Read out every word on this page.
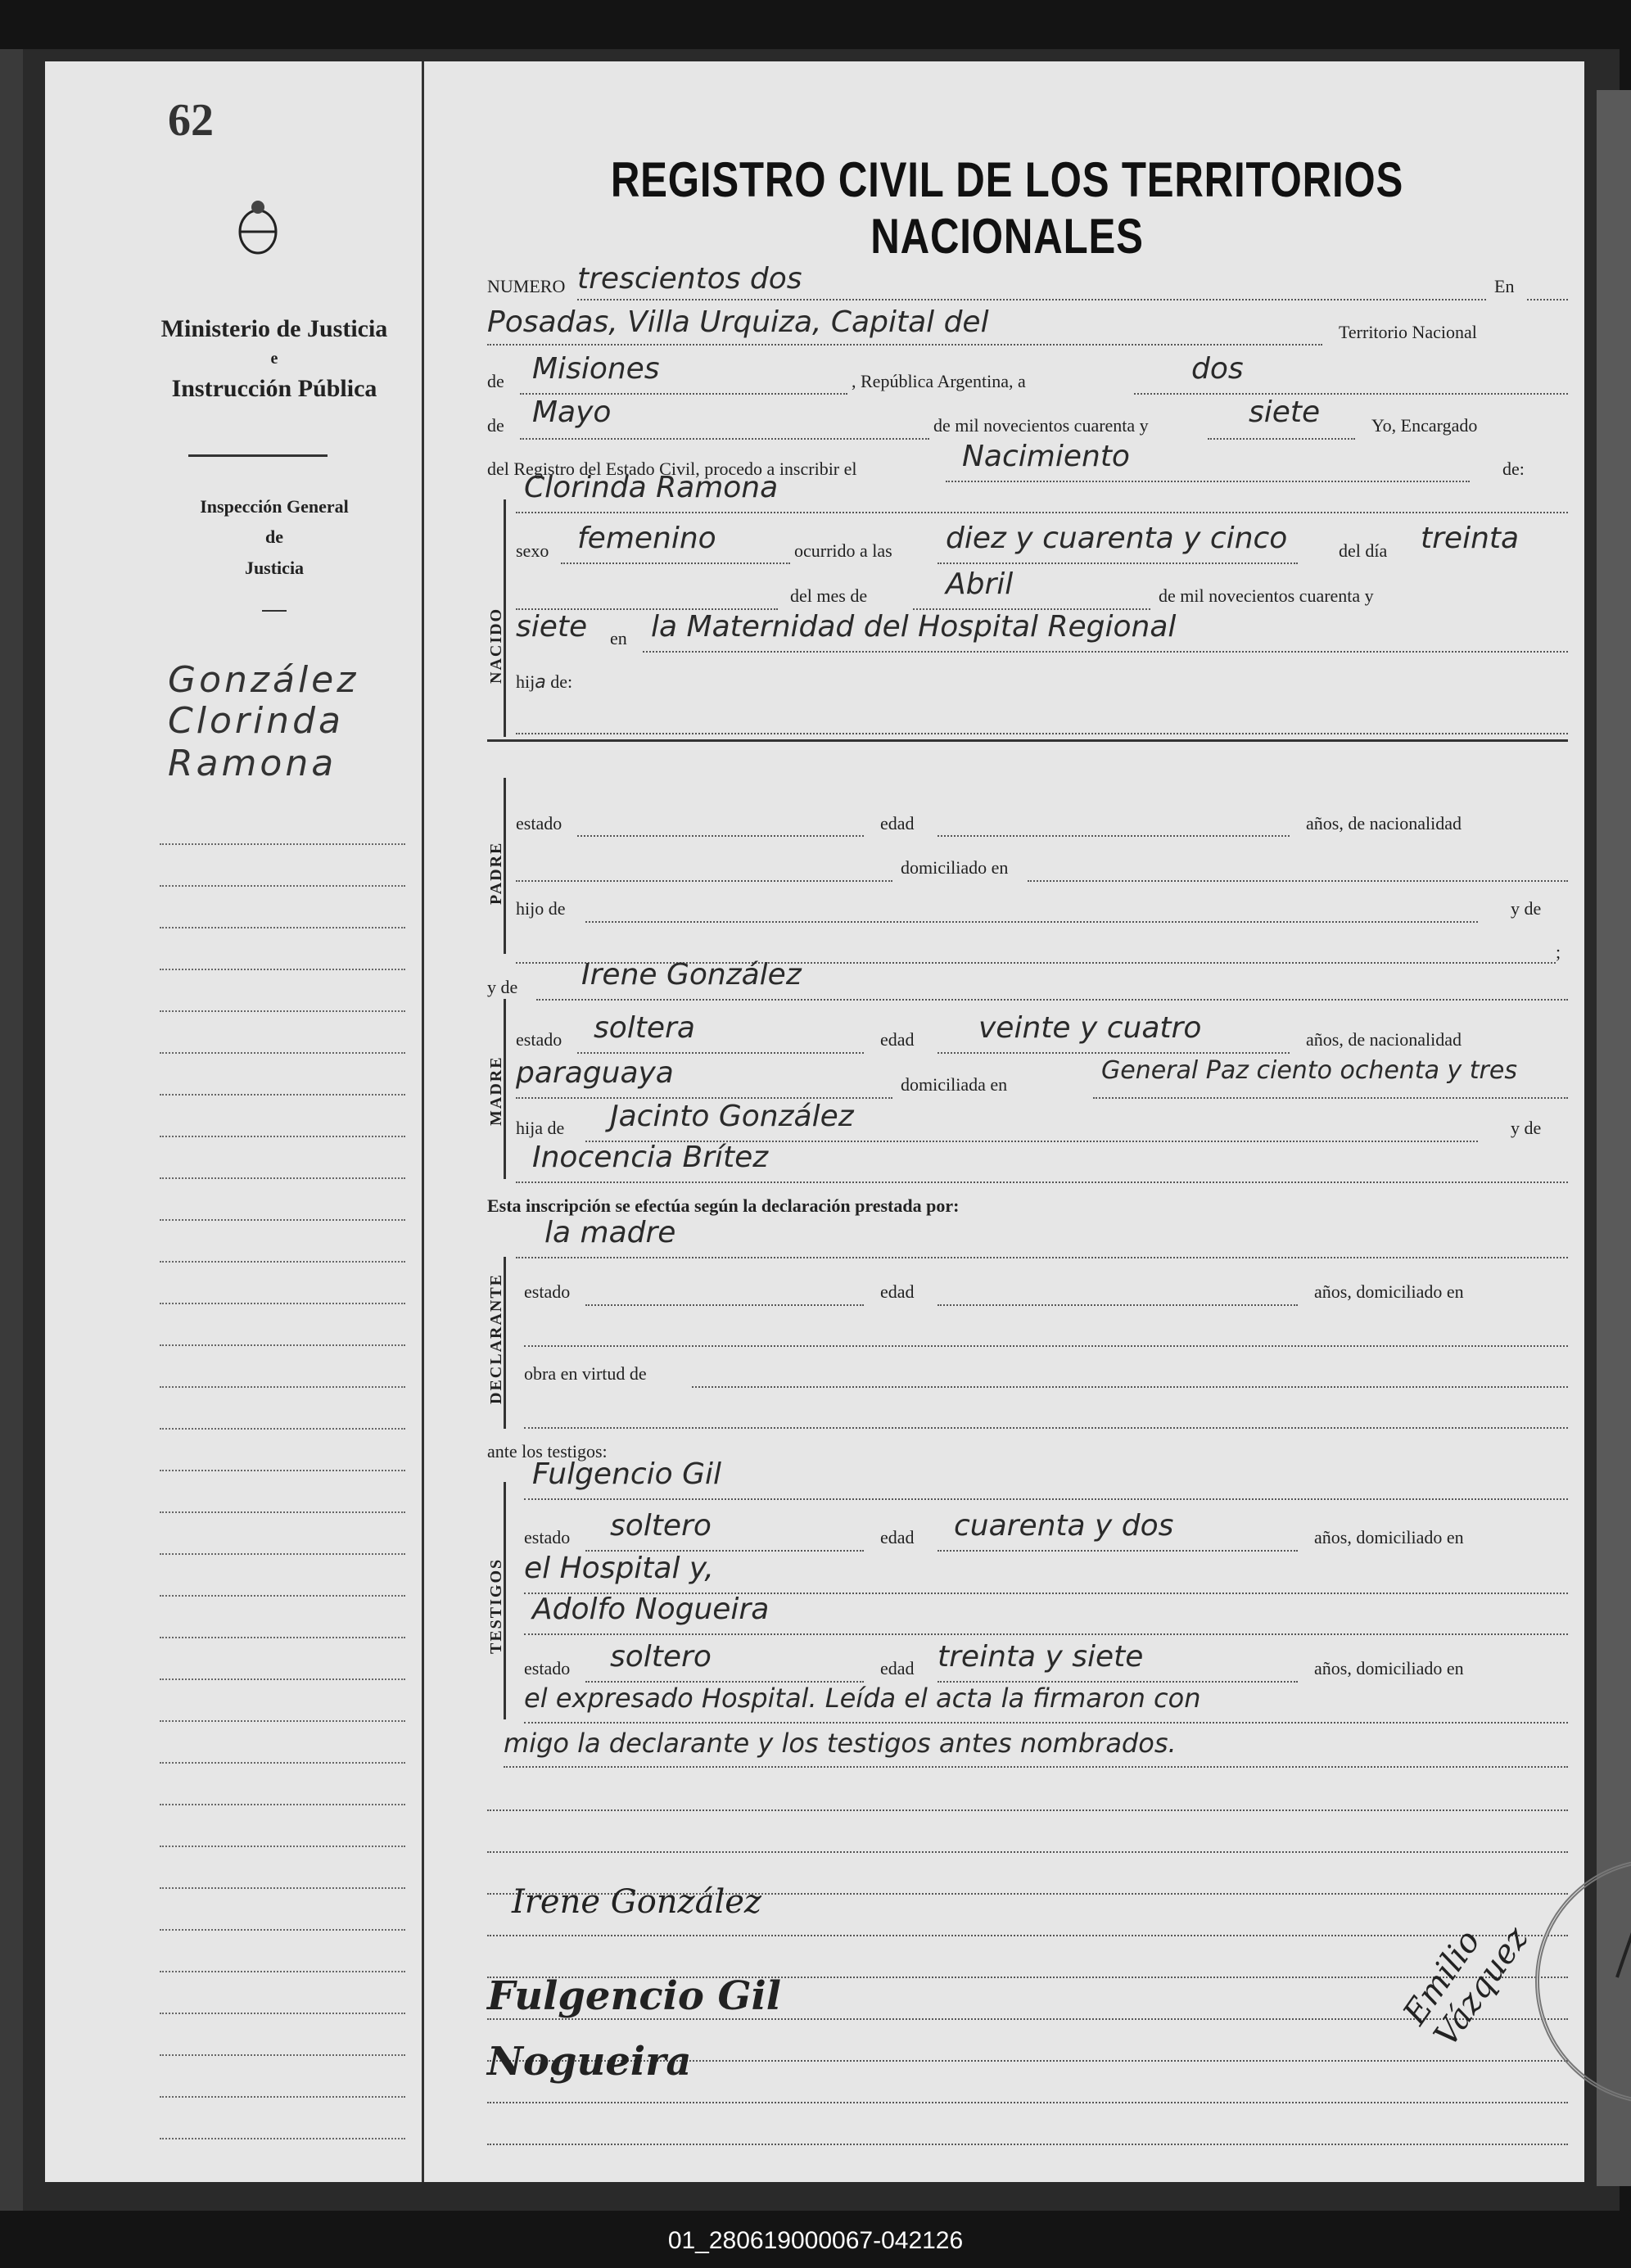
62
Ministerio de Justicia
e
Instrucción Pública
Inspección General
de
Justicia
González
Clorinda
Ramona
REGISTRO CIVIL DE LOS TERRITORIOS NACIONALES
NUMERO trescientos dos	En
Posadas, Villa Urquiza, Capital del	Territorio Nacional
de Misiones	, República Argentina, a	dos
de Mayo	de mil novecientos cuarenta y	siete	Yo, Encargado
del Registro del Estado Civil, procedo a inscribir el	Nacimiento	de:
NACIDO
Clorinda Ramona
sexo femenino	ocurrido a las diez y cuarenta y cinco	del día treinta
del mes de	Abril	de mil novecientos cuarenta y
siete en la Maternidad del Hospital Regional
hija de:
PADRE
estado	edad	años, de nacionalidad
domiciliado en
hijo de	y de
;
y de Irene González
MADRE
estado soltera	edad veinte y cuatro	años, de nacionalidad
paraguaya	domiciliada en	General Paz ciento ochenta y tres
hija de Jacinto González	y de
Inocencia Brítez
Esta inscripción se efectúa según la declaración prestada por:
la madre
DECLARANTE estado	edad	años, domiciliado en
obra en virtud de
ante los testigos:
TESTIGOS
Fulgencio Gil
estado soltero	edad cuarenta y dos	años, domiciliado en
el Hospital y,
Adolfo Nogueira
estado soltero	edad treinta y siete	años, domiciliado en
el expresado Hospital. Leída el acta la firmaron con
migo la declarante y los testigos antes nombrados.
Irene González
Fulgencio Gil
Nogueira
Emilio Vázquez
01_280619000067-042126
